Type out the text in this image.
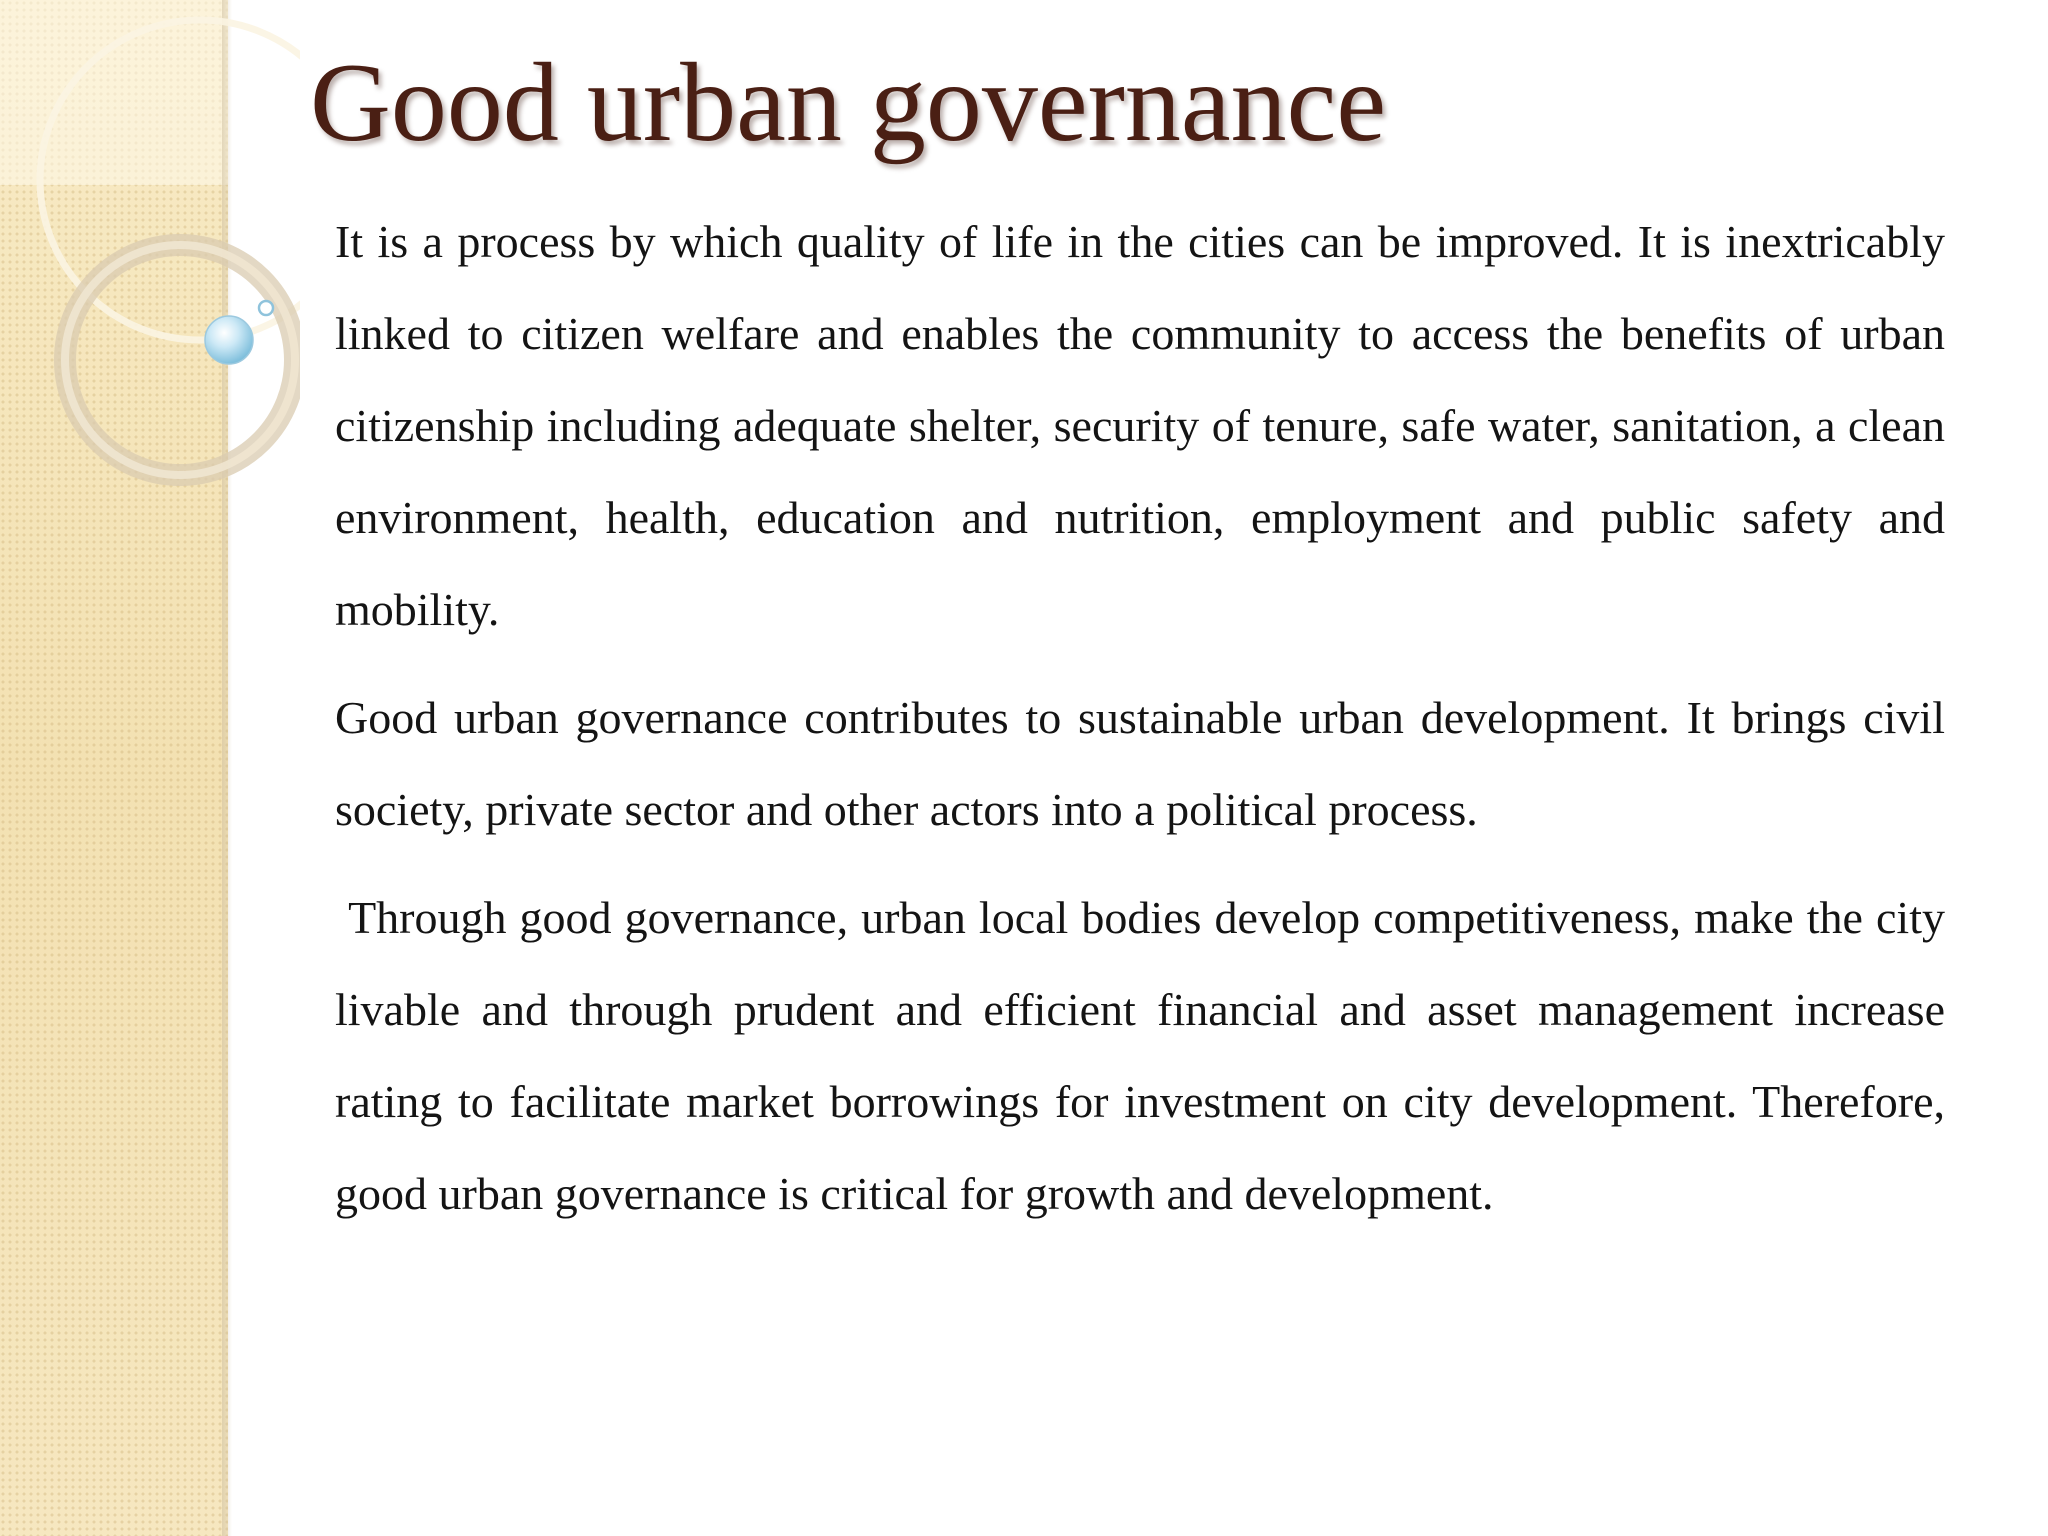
Good urban governance

It is a process by which quality of life in the cities can be improved. It is inextricably linked to citizen welfare and enables the community to access the benefits of urban citizenship including adequate shelter, security of tenure, safe water, sanitation, a clean environment, health, education and nutrition, employment and public safety and mobility.

Good urban governance contributes to sustainable urban development. It brings civil society, private sector and other actors into a political process.

Through good governance, urban local bodies develop competitiveness, make the city livable and through prudent and efficient financial and asset management increase rating to facilitate market borrowings for investment on city development. Therefore, good urban governance is critical for growth and development.
